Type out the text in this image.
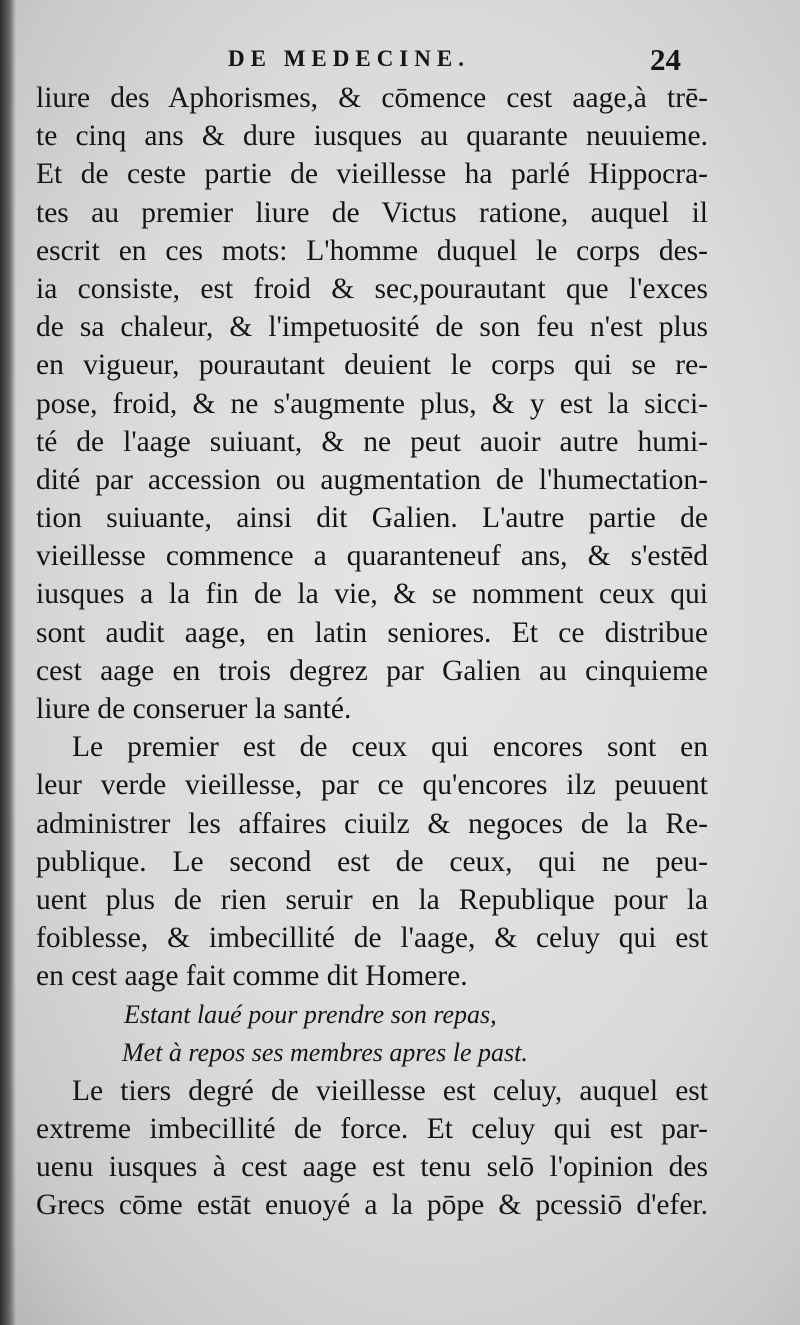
DE MEDECINE.	24
liure des Aphorismes, & cōmence cest aage,à trē-
te cinq ans & dure iusques au quarante neuuieme.
Et de ceste partie de vieillesse ha parlé Hippocra-
tes au premier liure de Victus ratione, auquel il
escrit en ces mots: L'homme duquel le corps des-
ia consiste, est froid & sec,pourautant que l'exces
de sa chaleur, & l'impetuosité de son feu n'est plus
en vigueur, pourautant deuient le corps qui se re-
pose, froid, & ne s'augmente plus, & y est la sicci-
té de l'aage suiuant, & ne peut auoir autre humi-
dité par accession ou augmentation de l'humectation-
tion suiuante, ainsi dit Galien. L'autre partie de
vieillesse commence a quaranteneuf ans, & s'estēd
iusques a la fin de la vie, & se nomment ceux qui
sont audit aage, en latin seniores. Et ce distribue
cest aage en trois degrez par Galien au cinquieme
liure de conseruer la santé.
Le premier est de ceux qui encores sont en
leur verde vieillesse, par ce qu'encores ilz peuuent
administrer les affaires ciuilz & negoces de la Re-
publique. Le second est de ceux, qui ne peu-
uent plus de rien seruir en la Republique pour la
foiblesse, & imbecillité de l'aage, & celuy qui est
en cest aage fait comme dit Homere.
Estant laué pour prendre son repas,
Met à repos ses membres apres le past.
Le tiers degré de vieillesse est celuy, auquel est
extreme imbecillité de force. Et celuy qui est par-
uenu iusques à cest aage est tenu selō l'opinion des
Grecs cōme estāt enuoyé a la pōpe & pcessiō d'efer.
